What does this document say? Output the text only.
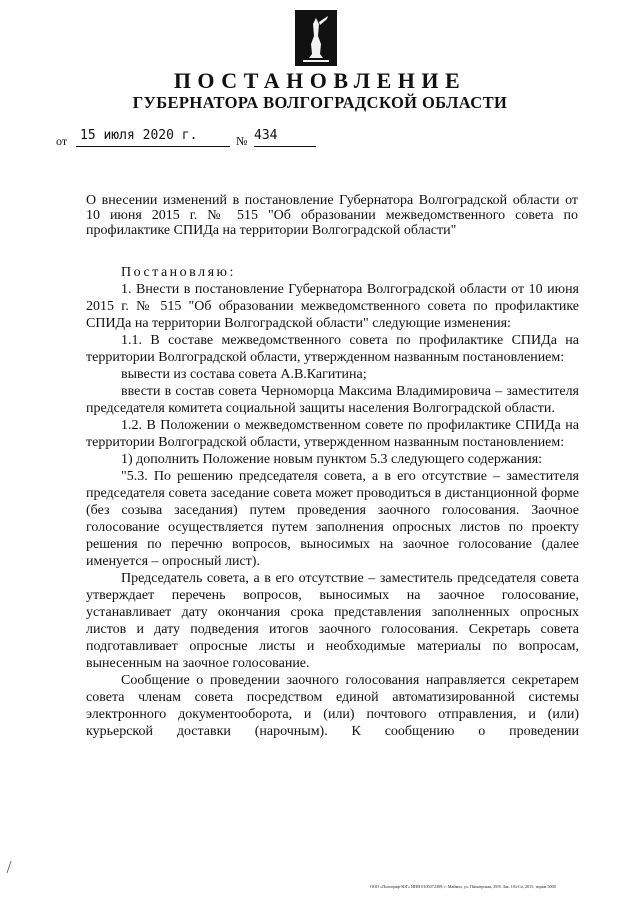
ПОСТАНОВЛЕНИЕ
ГУБЕРНАТОРА ВОЛГОГРАДСКОЙ ОБЛАСТИ
от 15 июля 2020 г.	№ 434
О внесении изменений в постановление Губернатора Волгоградской области от 10 июня 2015 г. № 515 "Об образовании межведомственного совета по профилактике СПИДа на территории Волгоградской области"

Постановляю:

1. Внести в постановление Губернатора Волгоградской области от 10 июня 2015 г. № 515 "Об образовании межведомственного совета по профилактике СПИДа на территории Волгоградской области" следующие изменения:

1.1. В составе межведомственного совета по профилактике СПИДа на территории Волгоградской области, утвержденном названным постановлением:

вывести из состава совета А.В.Кагитина;

ввести в состав совета Черноморца Максима Владимировича – заместителя председателя комитета социальной защиты населения Волгоградской области.

1.2. В Положении о межведомственном совете по профилактике СПИДа на территории Волгоградской области, утвержденном названным постановлением:

1) дополнить Положение новым пунктом 5.3 следующего содержания:

"5.3. По решению председателя совета, а в его отсутствие – заместителя председателя совета заседание совета может проводиться в дистанционной форме (без созыва заседания) путем проведения заочного голосования. Заочное голосование осуществляется путем заполнения опросных листов по проекту решения по перечню вопросов, выносимых на заочное голосование (далее именуется – опросный лист).

Председатель совета, а в его отсутствие – заместитель председателя совета утверждает перечень вопросов, выносимых на заочное голосование, устанавливает дату окончания срока представления заполненных опросных листов и дату подведения итогов заочного голосования. Секретарь совета подготавливает опросные листы и необходимые материалы по вопросам, вынесенным на заочное голосование.

Сообщение о проведении заочного голосования направляется секретарем совета членам совета посредством единой автоматизированной системы электронного документооборота, и (или) почтового отправления, и (или) курьерской доставки (нарочным). К сообщению о проведении

ООО «Полиграф-ЮГ» ИНН 0105072309; г. Майкоп, ул. Пионерская, 29/8. Зак. 10/гСп, 2015, тираж 5000
